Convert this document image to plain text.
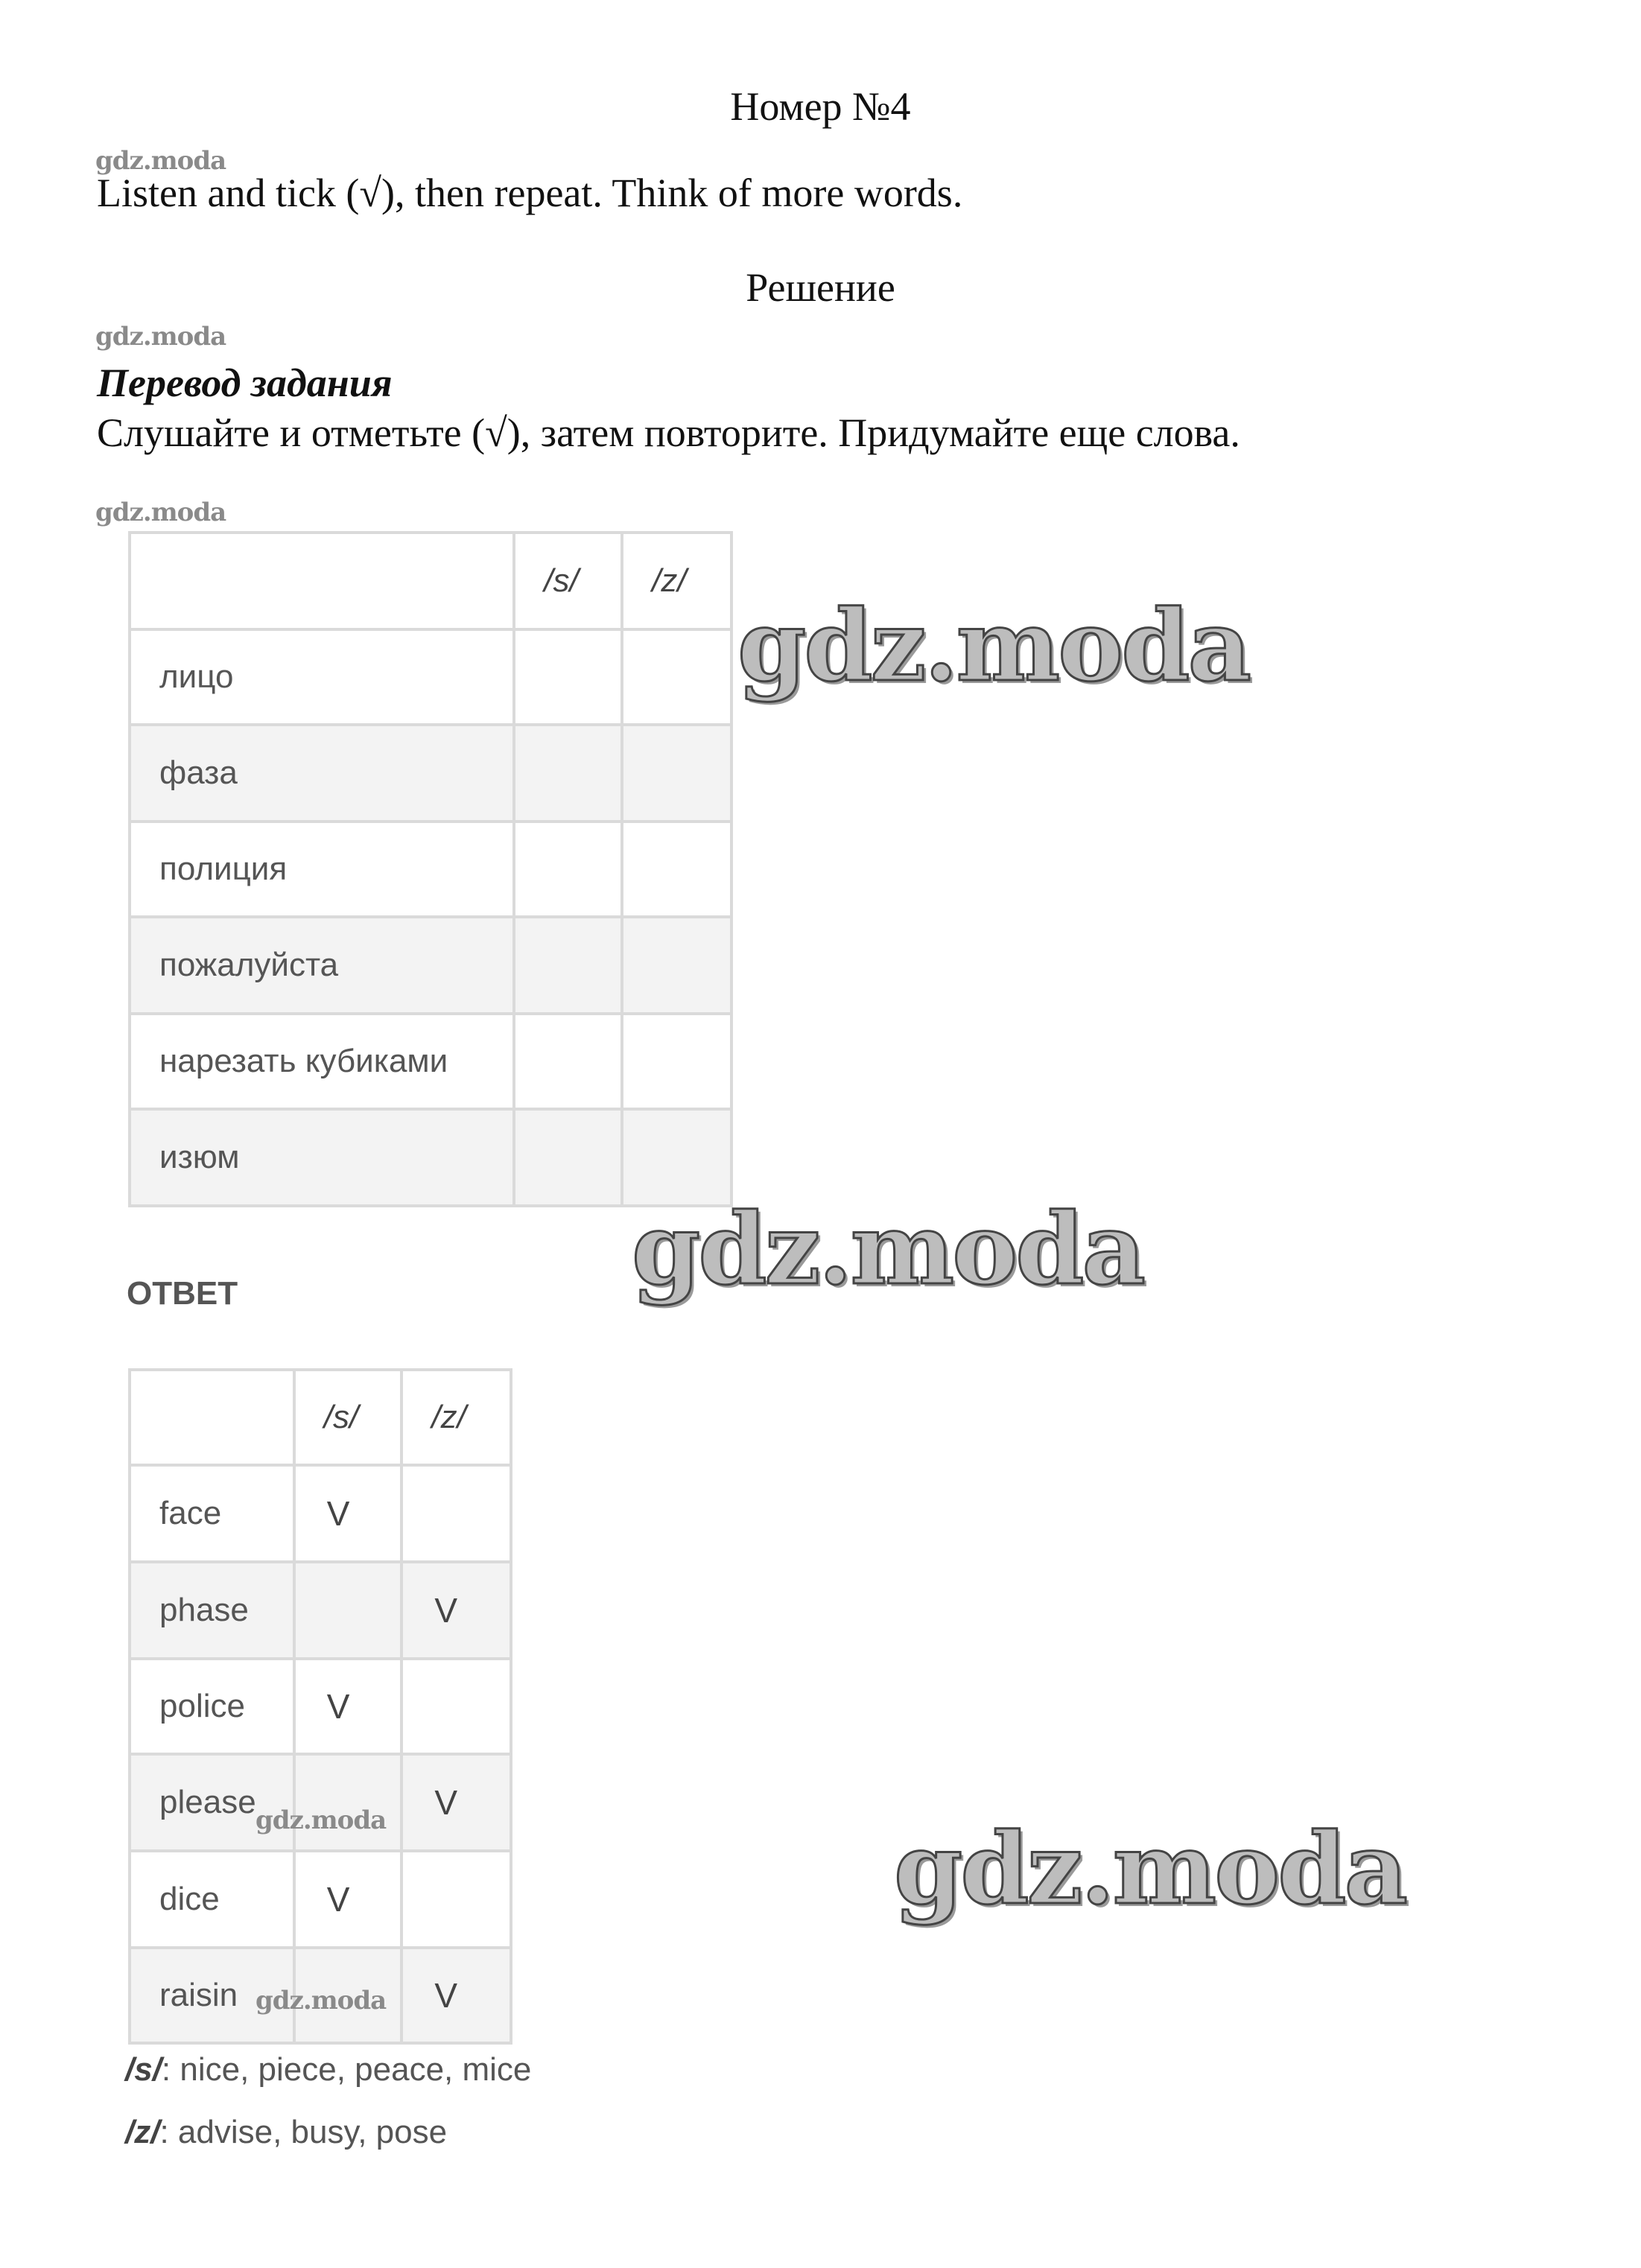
Номер №4
gdz.moda
Listen and tick (√), then repeat. Think of more words.
Решение
gdz.moda
Перевод задания
Слушайте и отметьте (√), затем повторите. Придумайте еще слова.
gdz.moda
	/s/	/z/
лицо		
фаза		
полиция		
пожалуйста		
нарезать кубиками		
изюм		
gdz.moda
gdz.moda
ОТВЕТ
	/s/	/z/
face	V	
phase		V
police	V	
please		V
dice	V	
raisin		V
gdz.moda
gdz.moda
gdz.moda
/s/: nice, piece, peace, mice
/z/: advise, busy, pose
